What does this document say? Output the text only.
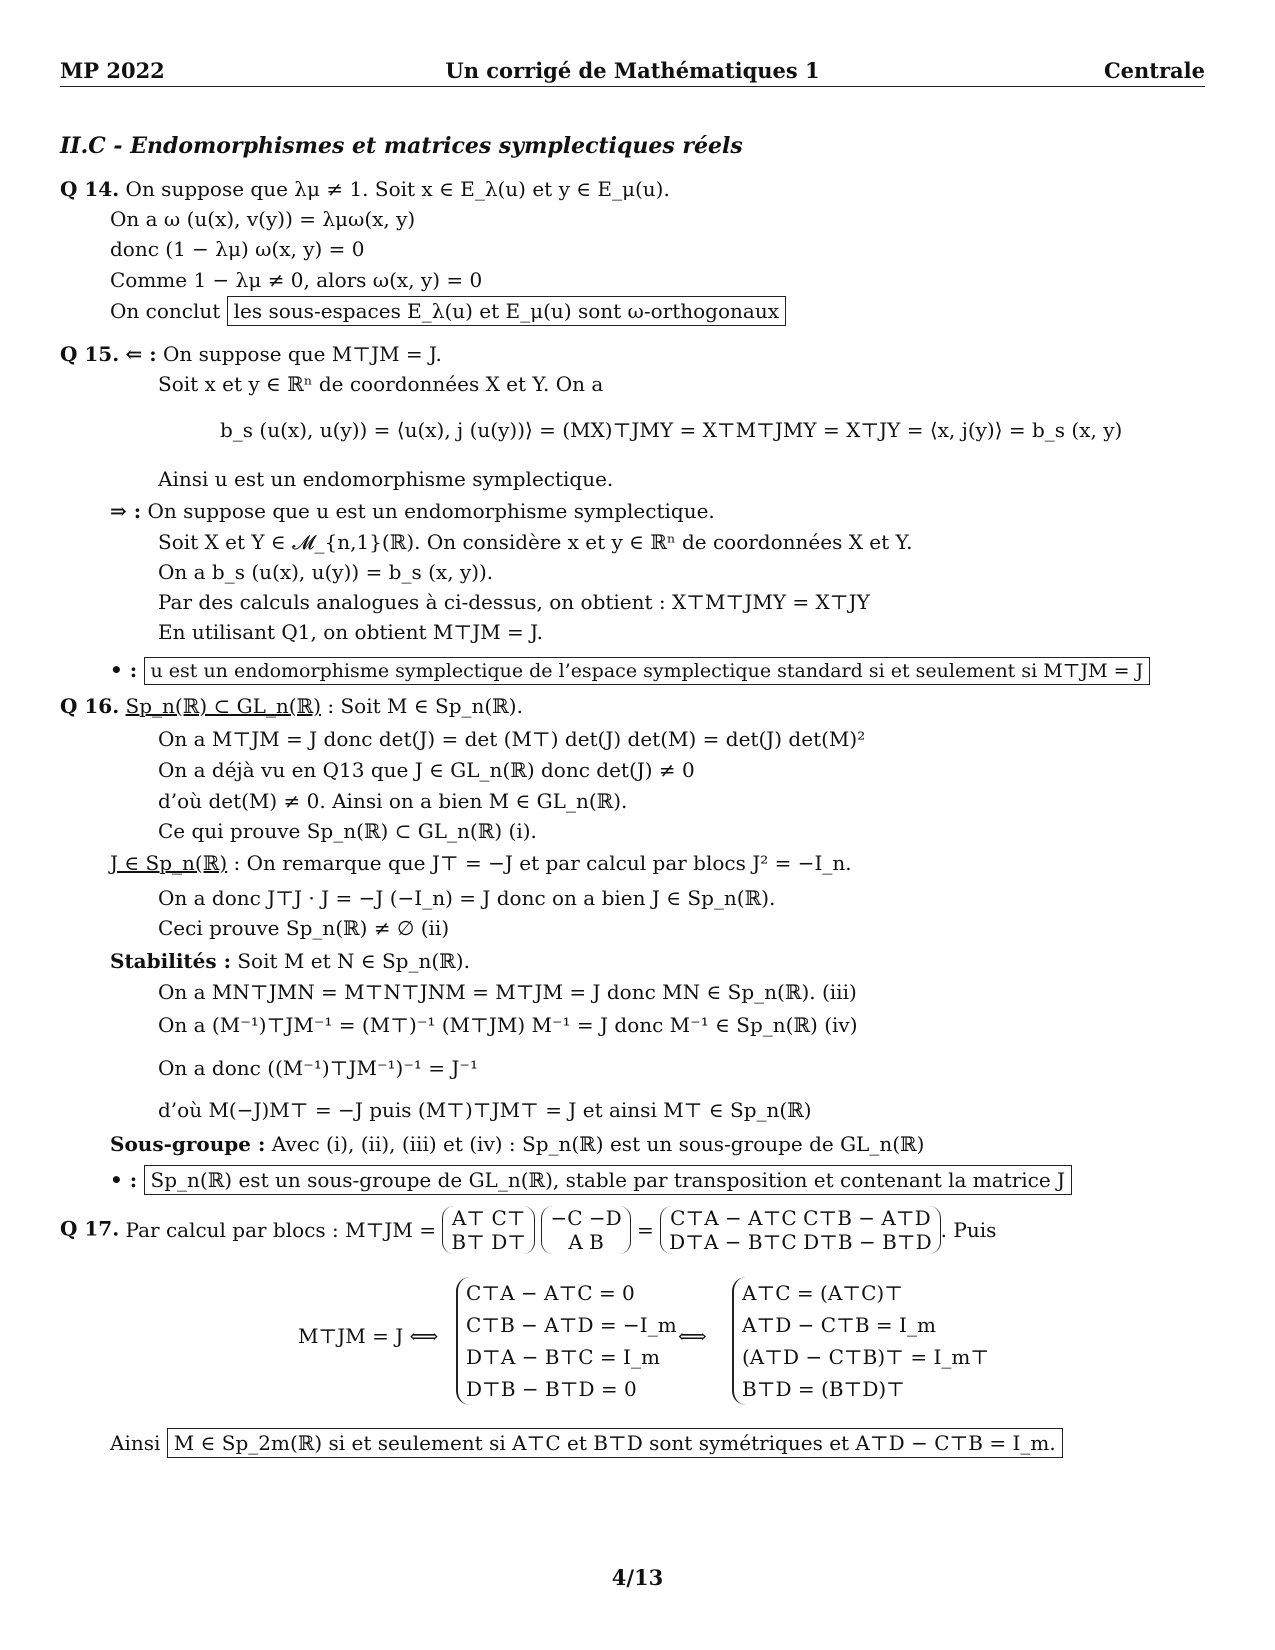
MP 2022	Un corrigé de Mathématiques 1	Centrale
II.C - Endomorphismes et matrices symplectiques réels
Q 14. On suppose que λμ ≠ 1. Soit x ∈ E_λ(u) et y ∈ E_μ(u).
On a ω (u(x), v(y)) = λμω(x, y)
donc (1 − λμ) ω(x, y) = 0
Comme 1 − λμ ≠ 0, alors ω(x, y) = 0
On conclut les sous-espaces E_λ(u) et E_μ(u) sont ω-orthogonaux
Q 15. ⇐ : On suppose que M⊤JM = J.
Soit x et y ∈ ℝⁿ de coordonnées X et Y. On a
b_s (u(x), u(y)) = ⟨u(x), j (u(y))⟩ = (MX)⊤JMY = X⊤M⊤JMY = X⊤JY = ⟨x, j(y)⟩ = b_s (x, y)
Ainsi u est un endomorphisme symplectique.
⇒ : On suppose que u est un endomorphisme symplectique.
Soit X et Y ∈ 𝓜_{n,1}(ℝ). On considère x et y ∈ ℝⁿ de coordonnées X et Y.
On a b_s (u(x), u(y)) = b_s (x, y)).
Par des calculs analogues à ci-dessus, on obtient : X⊤M⊤JMY = X⊤JY
En utilisant Q1, on obtient M⊤JM = J.
• : u est un endomorphisme symplectique de l’espace symplectique standard si et seulement si M⊤JM = J
Q 16. Sp_n(ℝ) ⊂ GL_n(ℝ) : Soit M ∈ Sp_n(ℝ).
On a M⊤JM = J donc det(J) = det (M⊤) det(J) det(M) = det(J) det(M)²
On a déjà vu en Q13 que J ∈ GL_n(ℝ) donc det(J) ≠ 0
d’où det(M) ≠ 0. Ainsi on a bien M ∈ GL_n(ℝ).
Ce qui prouve Sp_n(ℝ) ⊂ GL_n(ℝ) (i).
J ∈ Sp_n(ℝ) : On remarque que J⊤ = −J et par calcul par blocs J² = −I_n.
On a donc J⊤J · J = −J (−I_n) = J donc on a bien J ∈ Sp_n(ℝ).
Ceci prouve Sp_n(ℝ) ≠ ∅ (ii)
Stabilités : Soit M et N ∈ Sp_n(ℝ).
On a MN⊤JMN = M⊤N⊤JNM = M⊤JM = J donc MN ∈ Sp_n(ℝ). (iii)
On a (M⁻¹)⊤JM⁻¹ = (M⊤)⁻¹ (M⊤JM) M⁻¹ = J donc M⁻¹ ∈ Sp_n(ℝ) (iv)
On a donc ((M⁻¹)⊤JM⁻¹)⁻¹ = J⁻¹
d’où M(−J)M⊤ = −J puis (M⊤)⊤JM⊤ = J et ainsi M⊤ ∈ Sp_n(ℝ)
Sous-groupe : Avec (i), (ii), (iii) et (iv) : Sp_n(ℝ) est un sous-groupe de GL_n(ℝ)
• : Sp_n(ℝ) est un sous-groupe de GL_n(ℝ), stable par transposition et contenant la matrice J
Q 17. Par calcul par blocs : M⊤JM = A⊤ C⊤
B⊤ D⊤ −C −D
A B = C⊤A − A⊤C C⊤B − A⊤D
D⊤A − B⊤C D⊤B − B⊤D . Puis
M⊤JM = J ⟺
C⊤A − A⊤C = 0
C⊤B − A⊤D = −I_m
D⊤A − B⊤C = I_m
D⊤B − B⊤D = 0
⟺
A⊤C = (A⊤C)⊤
A⊤D − C⊤B = I_m
(A⊤D − C⊤B)⊤ = I_m⊤
B⊤D = (B⊤D)⊤
Ainsi M ∈ Sp_2m(ℝ) si et seulement si A⊤C et B⊤D sont symétriques et A⊤D − C⊤B = I_m.
4/13
